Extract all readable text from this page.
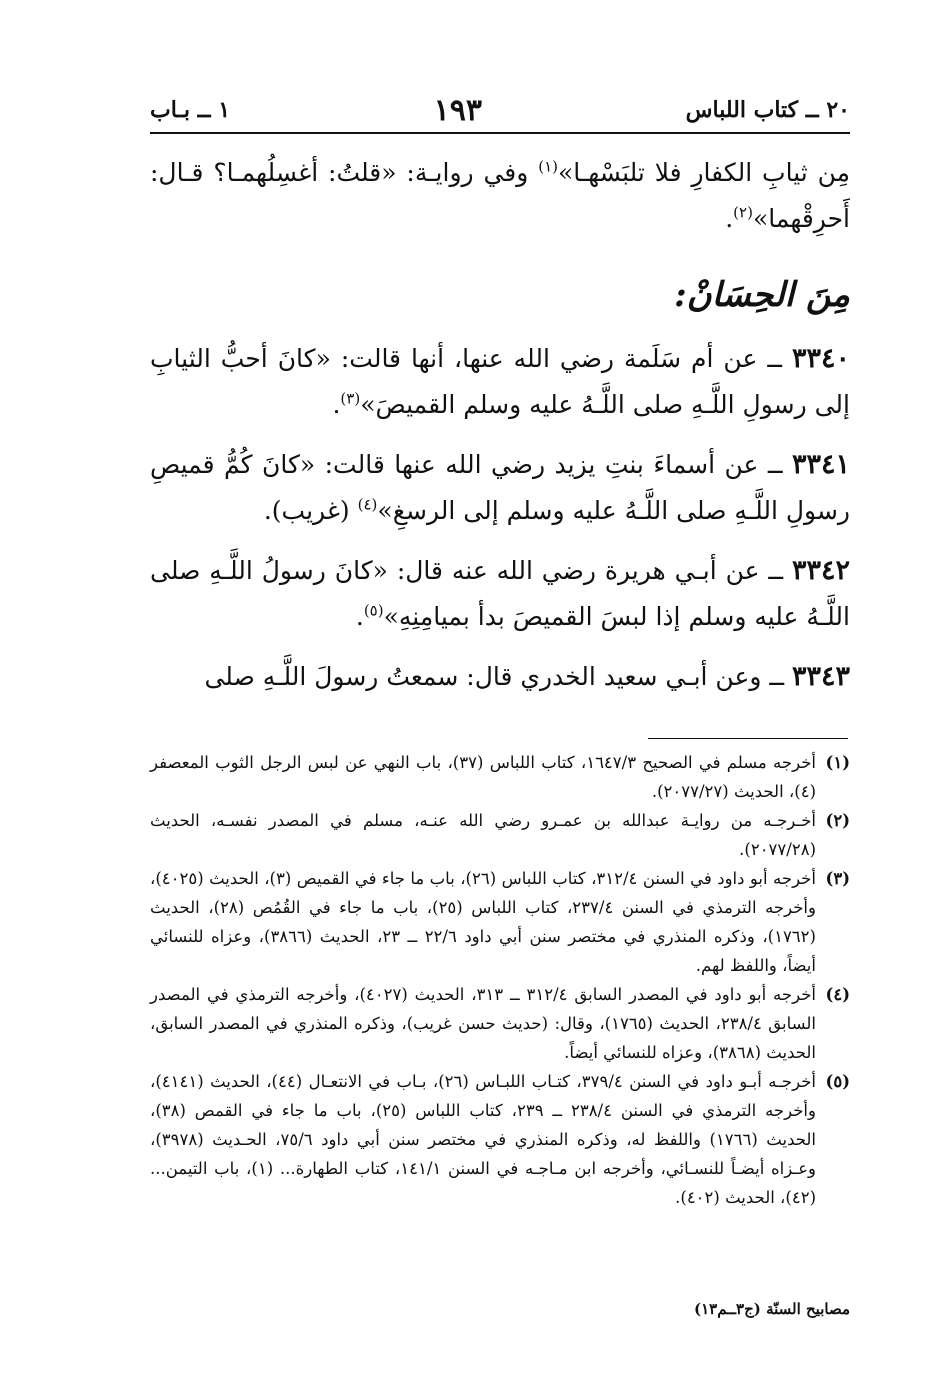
٢٠ ــ كتاب اللباس
١٩٣
١ ــ بـاب

مِن ثيابِ الكفارِ فلا تلبَسْهـا»$^{(١)}$ وفي روايـة: «قلتُ: أغسِلُهمـا؟ قـال: أَحرِقْهما»$^{(٢)}$.

مِنَ الحِسَانْ:

٣٣٤٠ ــ عن أم سَلَمة رضي الله عنها، أنها قالت: «كانَ أحبُّ الثيابِ إلى رسولِ اللَّـهِ صلى اللَّـهُ عليه وسلم القميصَ»$^{(٣)}$.

٣٣٤١ ــ عن أسماءَ بنتِ يزيد رضي الله عنها قالت: «كانَ كُمُّ قميصِ رسولِ اللَّـهِ صلى اللَّـهُ عليه وسلم إلى الرسغِ»$^{(٤)}$ (غريب).

٣٣٤٢ ــ عن أبـي هريرة رضي الله عنه قال: «كانَ رسولُ اللَّـهِ صلى اللَّـهُ عليه وسلم إذا لبسَ القميصَ بدأ بميامِنِهِ»$^{(٥)}$.

٣٣٤٣ ــ وعن أبـي سعيد الخدري قال: سمعتُ رسولَ اللَّـهِ صلى

(١)
أخرجه مسلم في الصحيح ١٦٤٧/٣، كتاب اللباس (٣٧)، باب النهي عن لبس الرجل الثوب المعصفر (٤)، الحديث (٢٠٧٧/٢٧).
(٢)
أخـرجـه من روايـة عبدالله بن عمـرو رضي الله عنـه، مسلم في المصدر نفسـه، الحديث (٢٠٧٧/٢٨).
(٣)
أخرجه أبو داود في السنن ٣١٢/٤، كتاب اللباس (٢٦)، باب ما جاء في القميص (٣)، الحديث (٤٠٢٥)، وأخرجه الترمذي في السنن ٢٣٧/٤، كتاب اللباس (٢٥)، باب ما جاء في القُمُص (٢٨)، الحديث (١٧٦٢)، وذكره المنذري في مختصر سنن أبي داود ٢٢/٦ ــ ٢٣، الحديث (٣٨٦٦)، وعزاه للنسائي أيضاً، واللفظ لهم.
(٤)
أخرجه أبو داود في المصدر السابق ٣١٢/٤ ــ ٣١٣، الحديث (٤٠٢٧)، وأخرجه الترمذي في المصدر السابق ٢٣٨/٤، الحديث (١٧٦٥)، وقال: (حديث حسن غريب)، وذكره المنذري في المصدر السابق، الحديث (٣٨٦٨)، وعزاه للنسائي أيضاً.
(٥)
أخرجـه أبـو داود في السنن ٣٧٩/٤، كتـاب اللبـاس (٢٦)، بـاب في الانتعـال (٤٤)، الحديث (٤١٤١)، وأخرجه الترمذي في السنن ٢٣٨/٤ ــ ٢٣٩، كتاب اللباس (٢٥)، باب ما جاء في القمص (٣٨)، الحديث (١٧٦٦) واللفظ له، وذكره المنذري في مختصر سنن أبي داود ٧٥/٦، الحـديث (٣٩٧٨)، وعـزاه أيضـاً للنسـائي، وأخرجه ابن مـاجـه في السنن ١٤١/١، كتاب الطهارة... (١)، باب التيمن... (٤٢)، الحديث (٤٠٢).
مصابيح السنّة (ج٣ــم١٣)
